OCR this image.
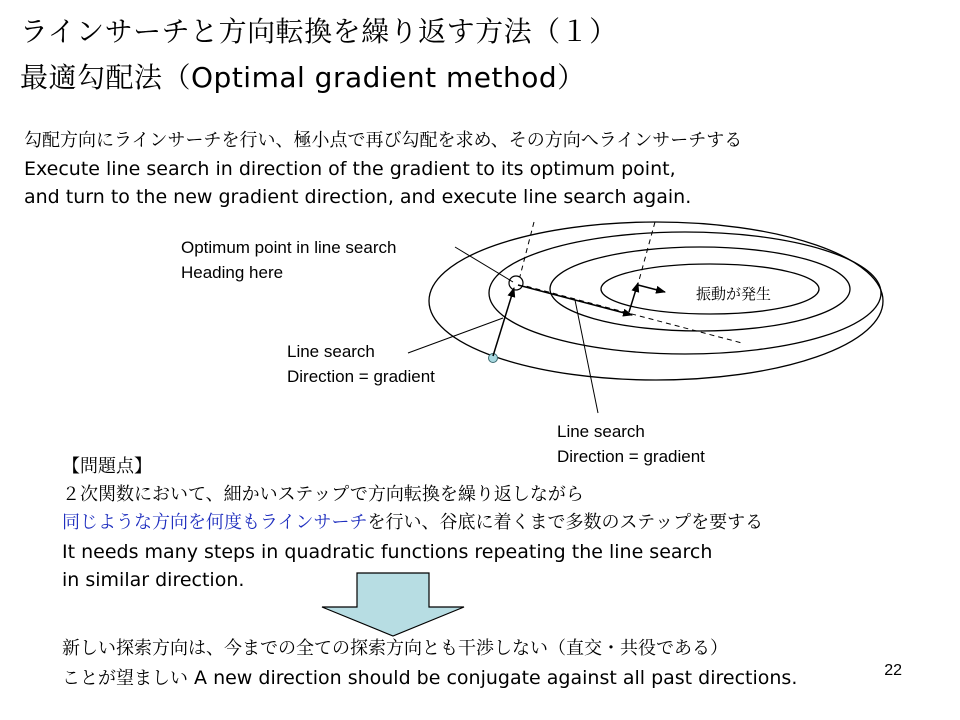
ラインサーチと方向転換を繰り返す方法（１）
最適勾配法（Optimal gradient method）
勾配方向にラインサーチを行い、極小点で再び勾配を求め、その方向へラインサーチする
Execute line search in direction of the gradient to its optimum point,
and turn to the new gradient direction, and execute line search again.
Optimum point in line search
Heading here
Line search
Direction = gradient
Line search
Direction = gradient
振動が発生
【問題点】
２次関数において、細かいステップで方向転換を繰り返しながら
同じような方向を何度もラインサーチを行い、谷底に着くまで多数のステップを要する
It needs many steps in quadratic functions repeating the line search
in similar direction.
新しい探索方向は、今までの全ての探索方向とも干渉しない（直交・共役である）
ことが望ましい A new direction should be conjugate against all past directions.	22
